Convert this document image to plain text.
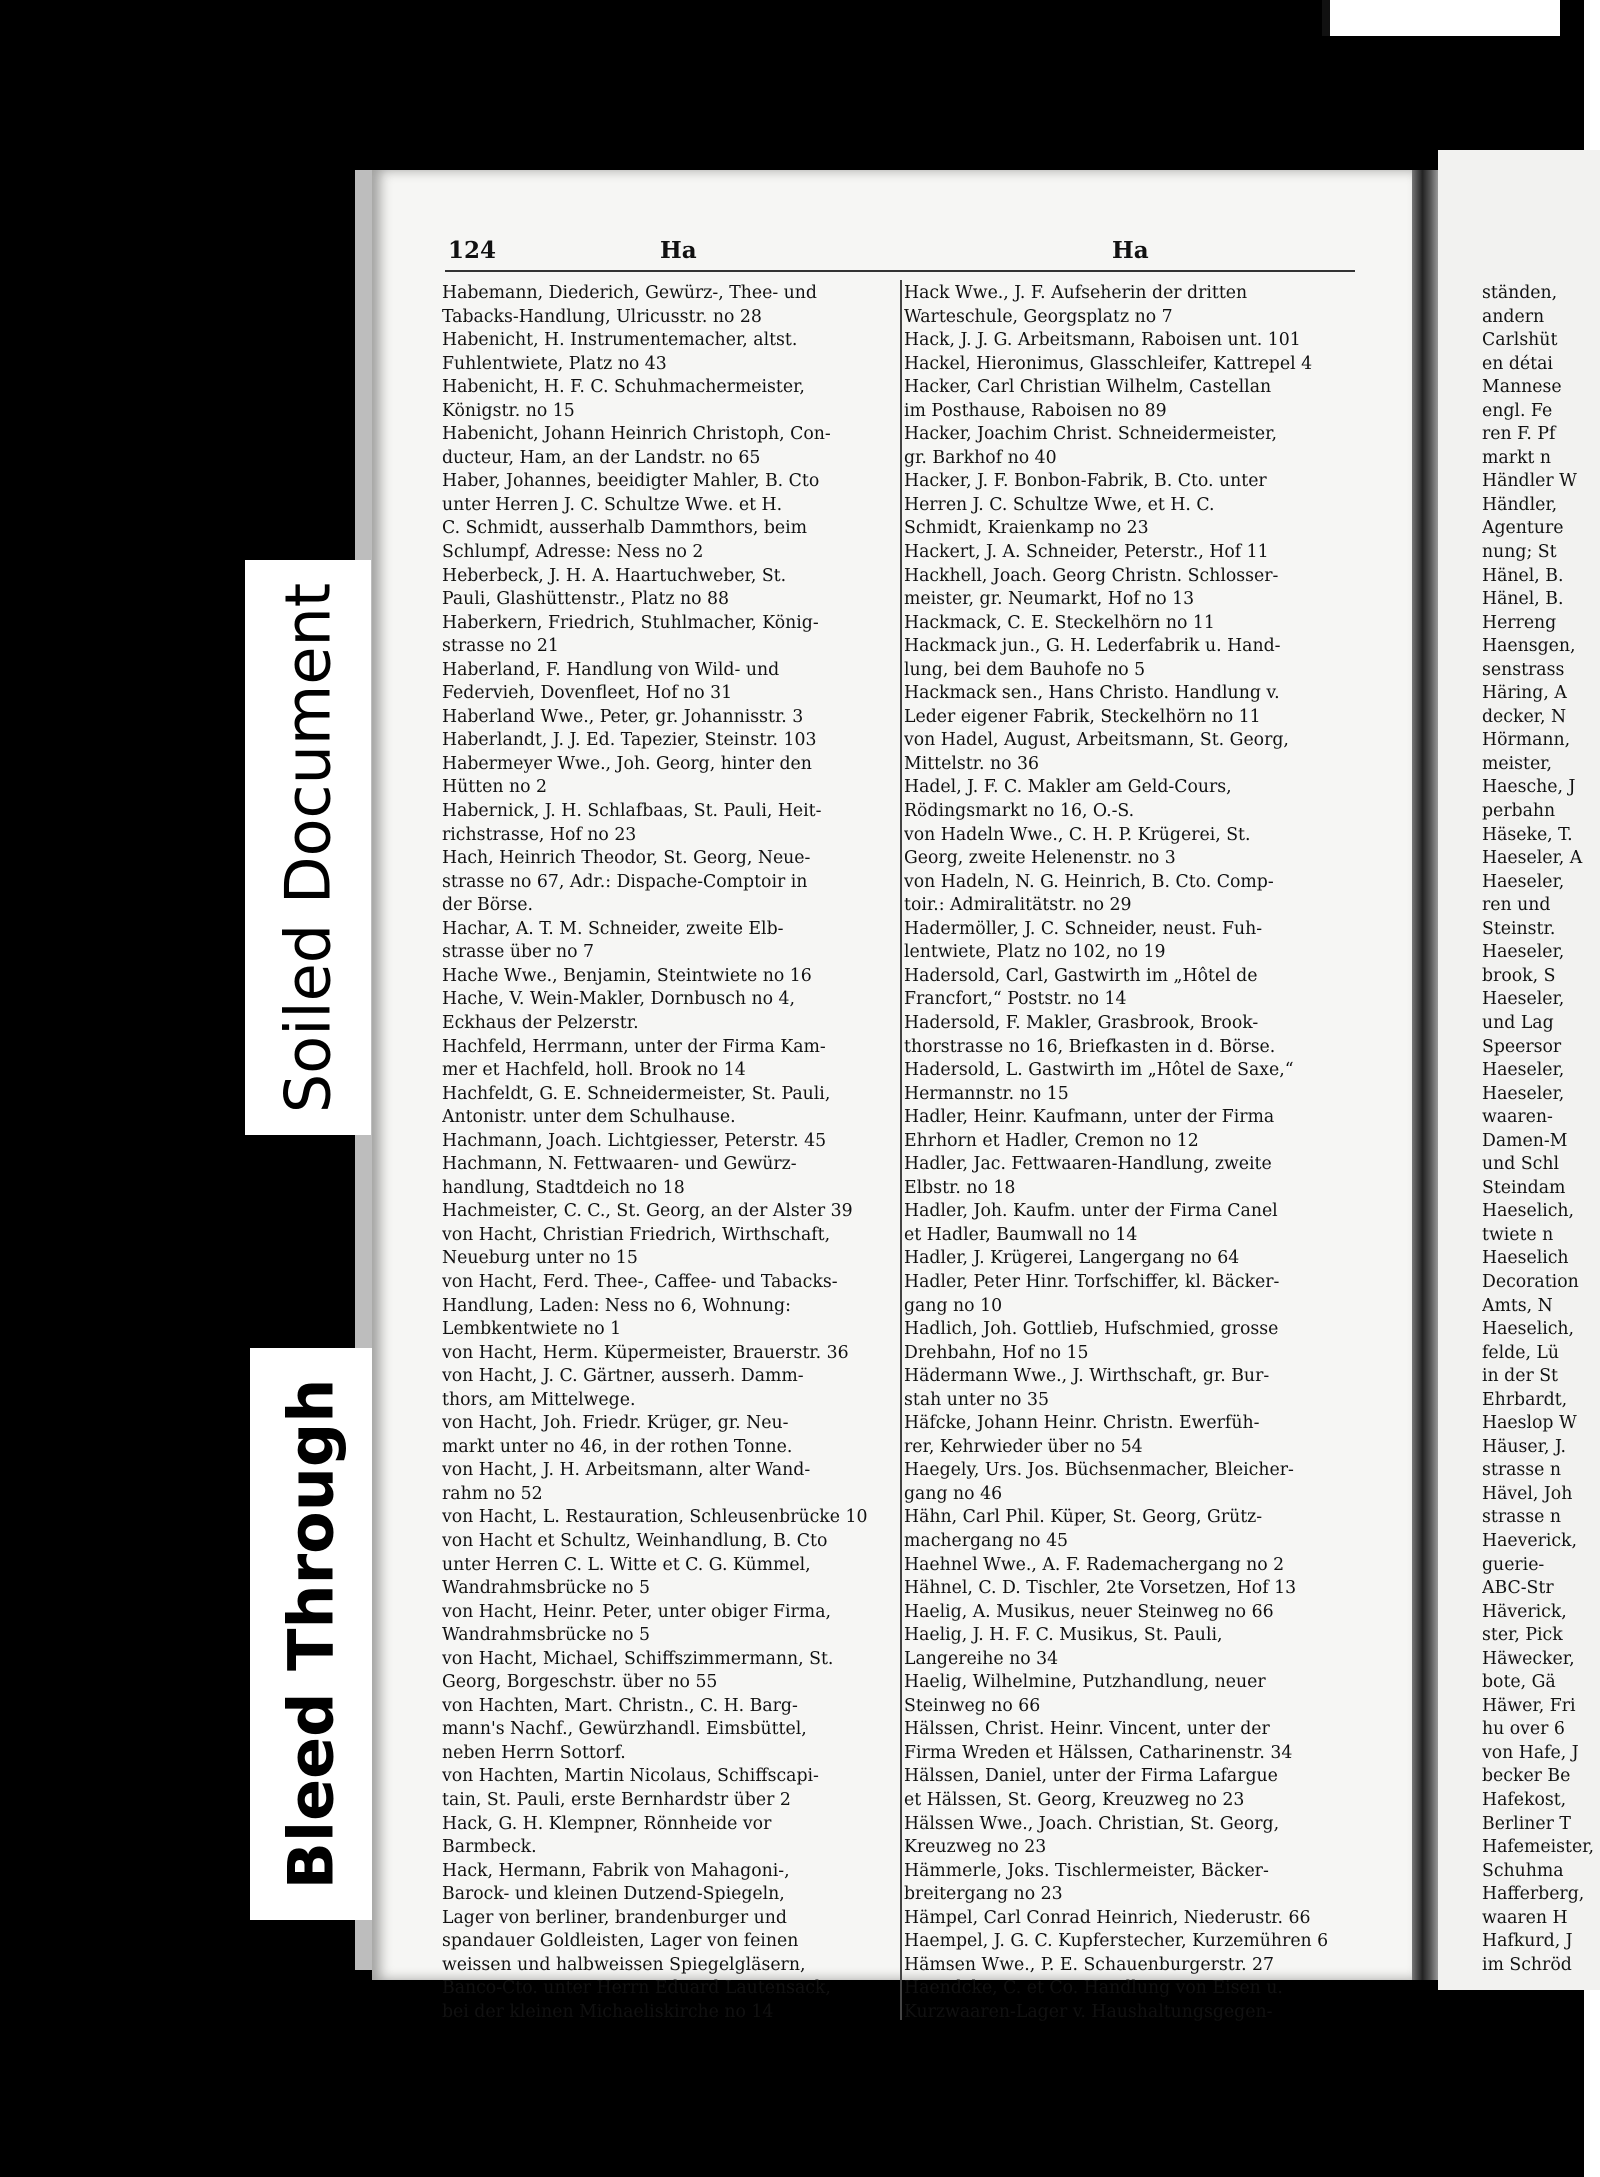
ständen,
andern
Carlshüt
en détai
Mannese
engl. Fe
ren F. Pf
markt n
Händler W
Händler,
Agenture
nung; St
Hänel, B.
Hänel, B.
Herreng
Haensgen,
senstrass
Häring, A
decker, N
Hörmann,
meister,
Haesche, J
perbahn
Häseke, T.
Haeseler, A
Haeseler,
ren und
Steinstr.
Haeseler,
brook, S
Haeseler,
und Lag
Speersor
Haeseler,
Haeseler,
waaren-
Damen-M
und Schl
Steindam
Haeselich,
twiete n
Haeselich
Decoration
Amts, N
Haeselich,
felde, Lü
in der St
Ehrbardt,
Haeslop W
Häuser, J.
strasse n
Hävel, Joh
strasse n
Haeverick,
guerie-
ABC-Str
Häverick,
ster, Pick
Häwecker,
bote, Gä
Häwer, Fri
hu over 6
von Hafe, J
becker Be
Hafekost,
Berliner T
Hafemeister,
Schuhma
Hafferberg,
waaren H
Hafkurd, J
im Schröd
Soiled Document
Bleed Through
124	Ha	Ha
Habemann, Diederich, Gewürz-, Thee- und
Tabacks-Handlung, Ulricusstr. no 28
Habenicht, H. Instrumentemacher, altst.
Fuhlentwiete, Platz no 43
Habenicht, H. F. C. Schuhmachermeister,
Königstr. no 15
Habenicht, Johann Heinrich Christoph, Con-
ducteur, Ham, an der Landstr. no 65
Haber, Johannes, beeidigter Mahler, B. Cto
unter Herren J. C. Schultze Wwe. et H.
C. Schmidt, ausserhalb Dammthors, beim
Schlumpf, Adresse: Ness no 2
Heberbeck, J. H. A. Haartuchweber, St.
Pauli, Glashüttenstr., Platz no 88
Haberkern, Friedrich, Stuhlmacher, König-
strasse no 21
Haberland, F. Handlung von Wild- und
Federvieh, Dovenfleet, Hof no 31
Haberland Wwe., Peter, gr. Johannisstr. 3
Haberlandt, J. J. Ed. Tapezier, Steinstr. 103
Habermeyer Wwe., Joh. Georg, hinter den
Hütten no 2
Habernick, J. H. Schlafbaas, St. Pauli, Heit-
richstrasse, Hof no 23
Hach, Heinrich Theodor, St. Georg, Neue-
strasse no 67, Adr.: Dispache-Comptoir in
der Börse.
Hachar, A. T. M. Schneider, zweite Elb-
strasse über no 7
Hache Wwe., Benjamin, Steintwiete no 16
Hache, V. Wein-Makler, Dornbusch no 4,
Eckhaus der Pelzerstr.
Hachfeld, Herrmann, unter der Firma Kam-
mer et Hachfeld, holl. Brook no 14
Hachfeldt, G. E. Schneidermeister, St. Pauli,
Antonistr. unter dem Schulhause.
Hachmann, Joach. Lichtgiesser, Peterstr. 45
Hachmann, N. Fettwaaren- und Gewürz-
handlung, Stadtdeich no 18
Hachmeister, C. C., St. Georg, an der Alster 39
von Hacht, Christian Friedrich, Wirthschaft,
Neueburg unter no 15
von Hacht, Ferd. Thee-, Caffee- und Tabacks-
Handlung, Laden: Ness no 6, Wohnung:
Lembkentwiete no 1
von Hacht, Herm. Küpermeister, Brauerstr. 36
von Hacht, J. C. Gärtner, ausserh. Damm-
thors, am Mittelwege.
von Hacht, Joh. Friedr. Krüger, gr. Neu-
markt unter no 46, in der rothen Tonne.
von Hacht, J. H. Arbeitsmann, alter Wand-
rahm no 52
von Hacht, L. Restauration, Schleusenbrücke 10
von Hacht et Schultz, Weinhandlung, B. Cto
unter Herren C. L. Witte et C. G. Kümmel,
Wandrahmsbrücke no 5
von Hacht, Heinr. Peter, unter obiger Firma,
Wandrahmsbrücke no 5
von Hacht, Michael, Schiffszimmermann, St.
Georg, Borgeschstr. über no 55
von Hachten, Mart. Christn., C. H. Barg-
mann's Nachf., Gewürzhandl. Eimsbüttel,
neben Herrn Sottorf.
von Hachten, Martin Nicolaus, Schiffscapi-
tain, St. Pauli, erste Bernhardstr über 2
Hack, G. H. Klempner, Rönnheide vor
Barmbeck.
Hack, Hermann, Fabrik von Mahagoni-,
Barock- und kleinen Dutzend-Spiegeln,
Lager von berliner, brandenburger und
spandauer Goldleisten, Lager von feinen
weissen und halbweissen Spiegelgläsern,
Banco-Cto. unter Herrn Eduard Lautensack,
bei der kleinen Michaeliskirche no 14
Hack Wwe., J. F. Aufseherin der dritten
Warteschule, Georgsplatz no 7
Hack, J. J. G. Arbeitsmann, Raboisen unt. 101
Hackel, Hieronimus, Glasschleifer, Kattrepel 4
Hacker, Carl Christian Wilhelm, Castellan
im Posthause, Raboisen no 89
Hacker, Joachim Christ. Schneidermeister,
gr. Barkhof no 40
Hacker, J. F. Bonbon-Fabrik, B. Cto. unter
Herren J. C. Schultze Wwe, et H. C.
Schmidt, Kraienkamp no 23
Hackert, J. A. Schneider, Peterstr., Hof 11
Hackhell, Joach. Georg Christn. Schlosser-
meister, gr. Neumarkt, Hof no 13
Hackmack, C. E. Steckelhörn no 11
Hackmack jun., G. H. Lederfabrik u. Hand-
lung, bei dem Bauhofe no 5
Hackmack sen., Hans Christo. Handlung v.
Leder eigener Fabrik, Steckelhörn no 11
von Hadel, August, Arbeitsmann, St. Georg,
Mittelstr. no 36
Hadel, J. F. C. Makler am Geld-Cours,
Rödingsmarkt no 16, O.-S.
von Hadeln Wwe., C. H. P. Krügerei, St.
Georg, zweite Helenenstr. no 3
von Hadeln, N. G. Heinrich, B. Cto. Comp-
toir.: Admiralitätstr. no 29
Hadermöller, J. C. Schneider, neust. Fuh-
lentwiete, Platz no 102, no 19
Hadersold, Carl, Gastwirth im „Hôtel de
Francfort,“ Poststr. no 14
Hadersold, F. Makler, Grasbrook, Brook-
thorstrasse no 16, Briefkasten in d. Börse.
Hadersold, L. Gastwirth im „Hôtel de Saxe,“
Hermannstr. no 15
Hadler, Heinr. Kaufmann, unter der Firma
Ehrhorn et Hadler, Cremon no 12
Hadler, Jac. Fettwaaren-Handlung, zweite
Elbstr. no 18
Hadler, Joh. Kaufm. unter der Firma Canel
et Hadler, Baumwall no 14
Hadler, J. Krügerei, Langergang no 64
Hadler, Peter Hinr. Torfschiffer, kl. Bäcker-
gang no 10
Hadlich, Joh. Gottlieb, Hufschmied, grosse
Drehbahn, Hof no 15
Hädermann Wwe., J. Wirthschaft, gr. Bur-
stah unter no 35
Häfcke, Johann Heinr. Christn. Ewerfüh-
rer, Kehrwieder über no 54
Haegely, Urs. Jos. Büchsenmacher, Bleicher-
gang no 46
Hähn, Carl Phil. Küper, St. Georg, Grütz-
machergang no 45
Haehnel Wwe., A. F. Rademachergang no 2
Hähnel, C. D. Tischler, 2te Vorsetzen, Hof 13
Haelig, A. Musikus, neuer Steinweg no 66
Haelig, J. H. F. C. Musikus, St. Pauli,
Langereihe no 34
Haelig, Wilhelmine, Putzhandlung, neuer
Steinweg no 66
Hälssen, Christ. Heinr. Vincent, unter der
Firma Wreden et Hälssen, Catharinenstr. 34
Hälssen, Daniel, unter der Firma Lafargue
et Hälssen, St. Georg, Kreuzweg no 23
Hälssen Wwe., Joach. Christian, St. Georg,
Kreuzweg no 23
Hämmerle, Joks. Tischlermeister, Bäcker-
breitergang no 23
Hämpel, Carl Conrad Heinrich, Niederustr. 66
Haempel, J. G. C. Kupferstecher, Kurzemühren 6
Hämsen Wwe., P. E. Schauenburgerstr. 27
Haendcke, C. et Co. Handlung von Eisen u.
Kurzwaaren-Lager v. Haushaltungsgegen-
